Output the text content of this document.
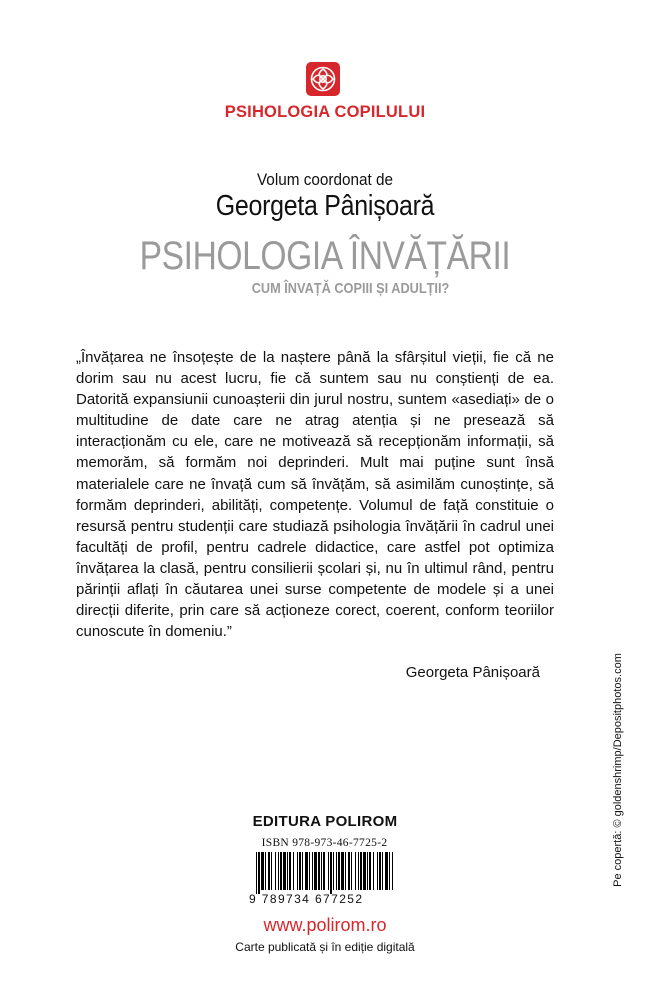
PSIHOLOGIA COPILULUI
Volum coordonat de
Georgeta Pânișoară
PSIHOLOGIA ÎNVĂȚĂRII
CUM ÎNVAȚĂ COPIII ȘI ADULȚII?

„Învățarea ne însoțește de la naștere până la sfârșitul vieții, fie că ne dorim sau nu acest lucru, fie că suntem sau nu conștienți de ea. Datorită expansiunii cunoașterii din jurul nostru, suntem «asediați» de o multitudine de date care ne atrag atenția și ne presează să interacționăm cu ele, care ne motivează să recepționăm informații, să memorăm, să formăm noi deprinderi. Mult mai puține sunt însă materialele care ne învață cum să învățăm, să asimilăm cunoștințe, să formăm deprinderi, abilități, competențe. Volumul de față constituie o resursă pentru studenții care studiază psihologia învățării în cadrul unei facultăți de profil, pentru cadrele didactice, care astfel pot optimiza învățarea la clasă, pentru consilierii școlari și, nu în ultimul rând, pentru părinții aflați în căutarea unei surse competente de modele și a unei direcții diferite, prin care să acționeze corect, coerent, conform teoriilor cunoscute în domeniu.”

Georgeta Pânișoară
EDITURA POLIROM
ISBN 978-973-46-7725-2
9 789734 677252
www.polirom.ro
Carte publicată și în ediție digitală
Pe copertă: © goldenshrimp/Depositphotos.com
